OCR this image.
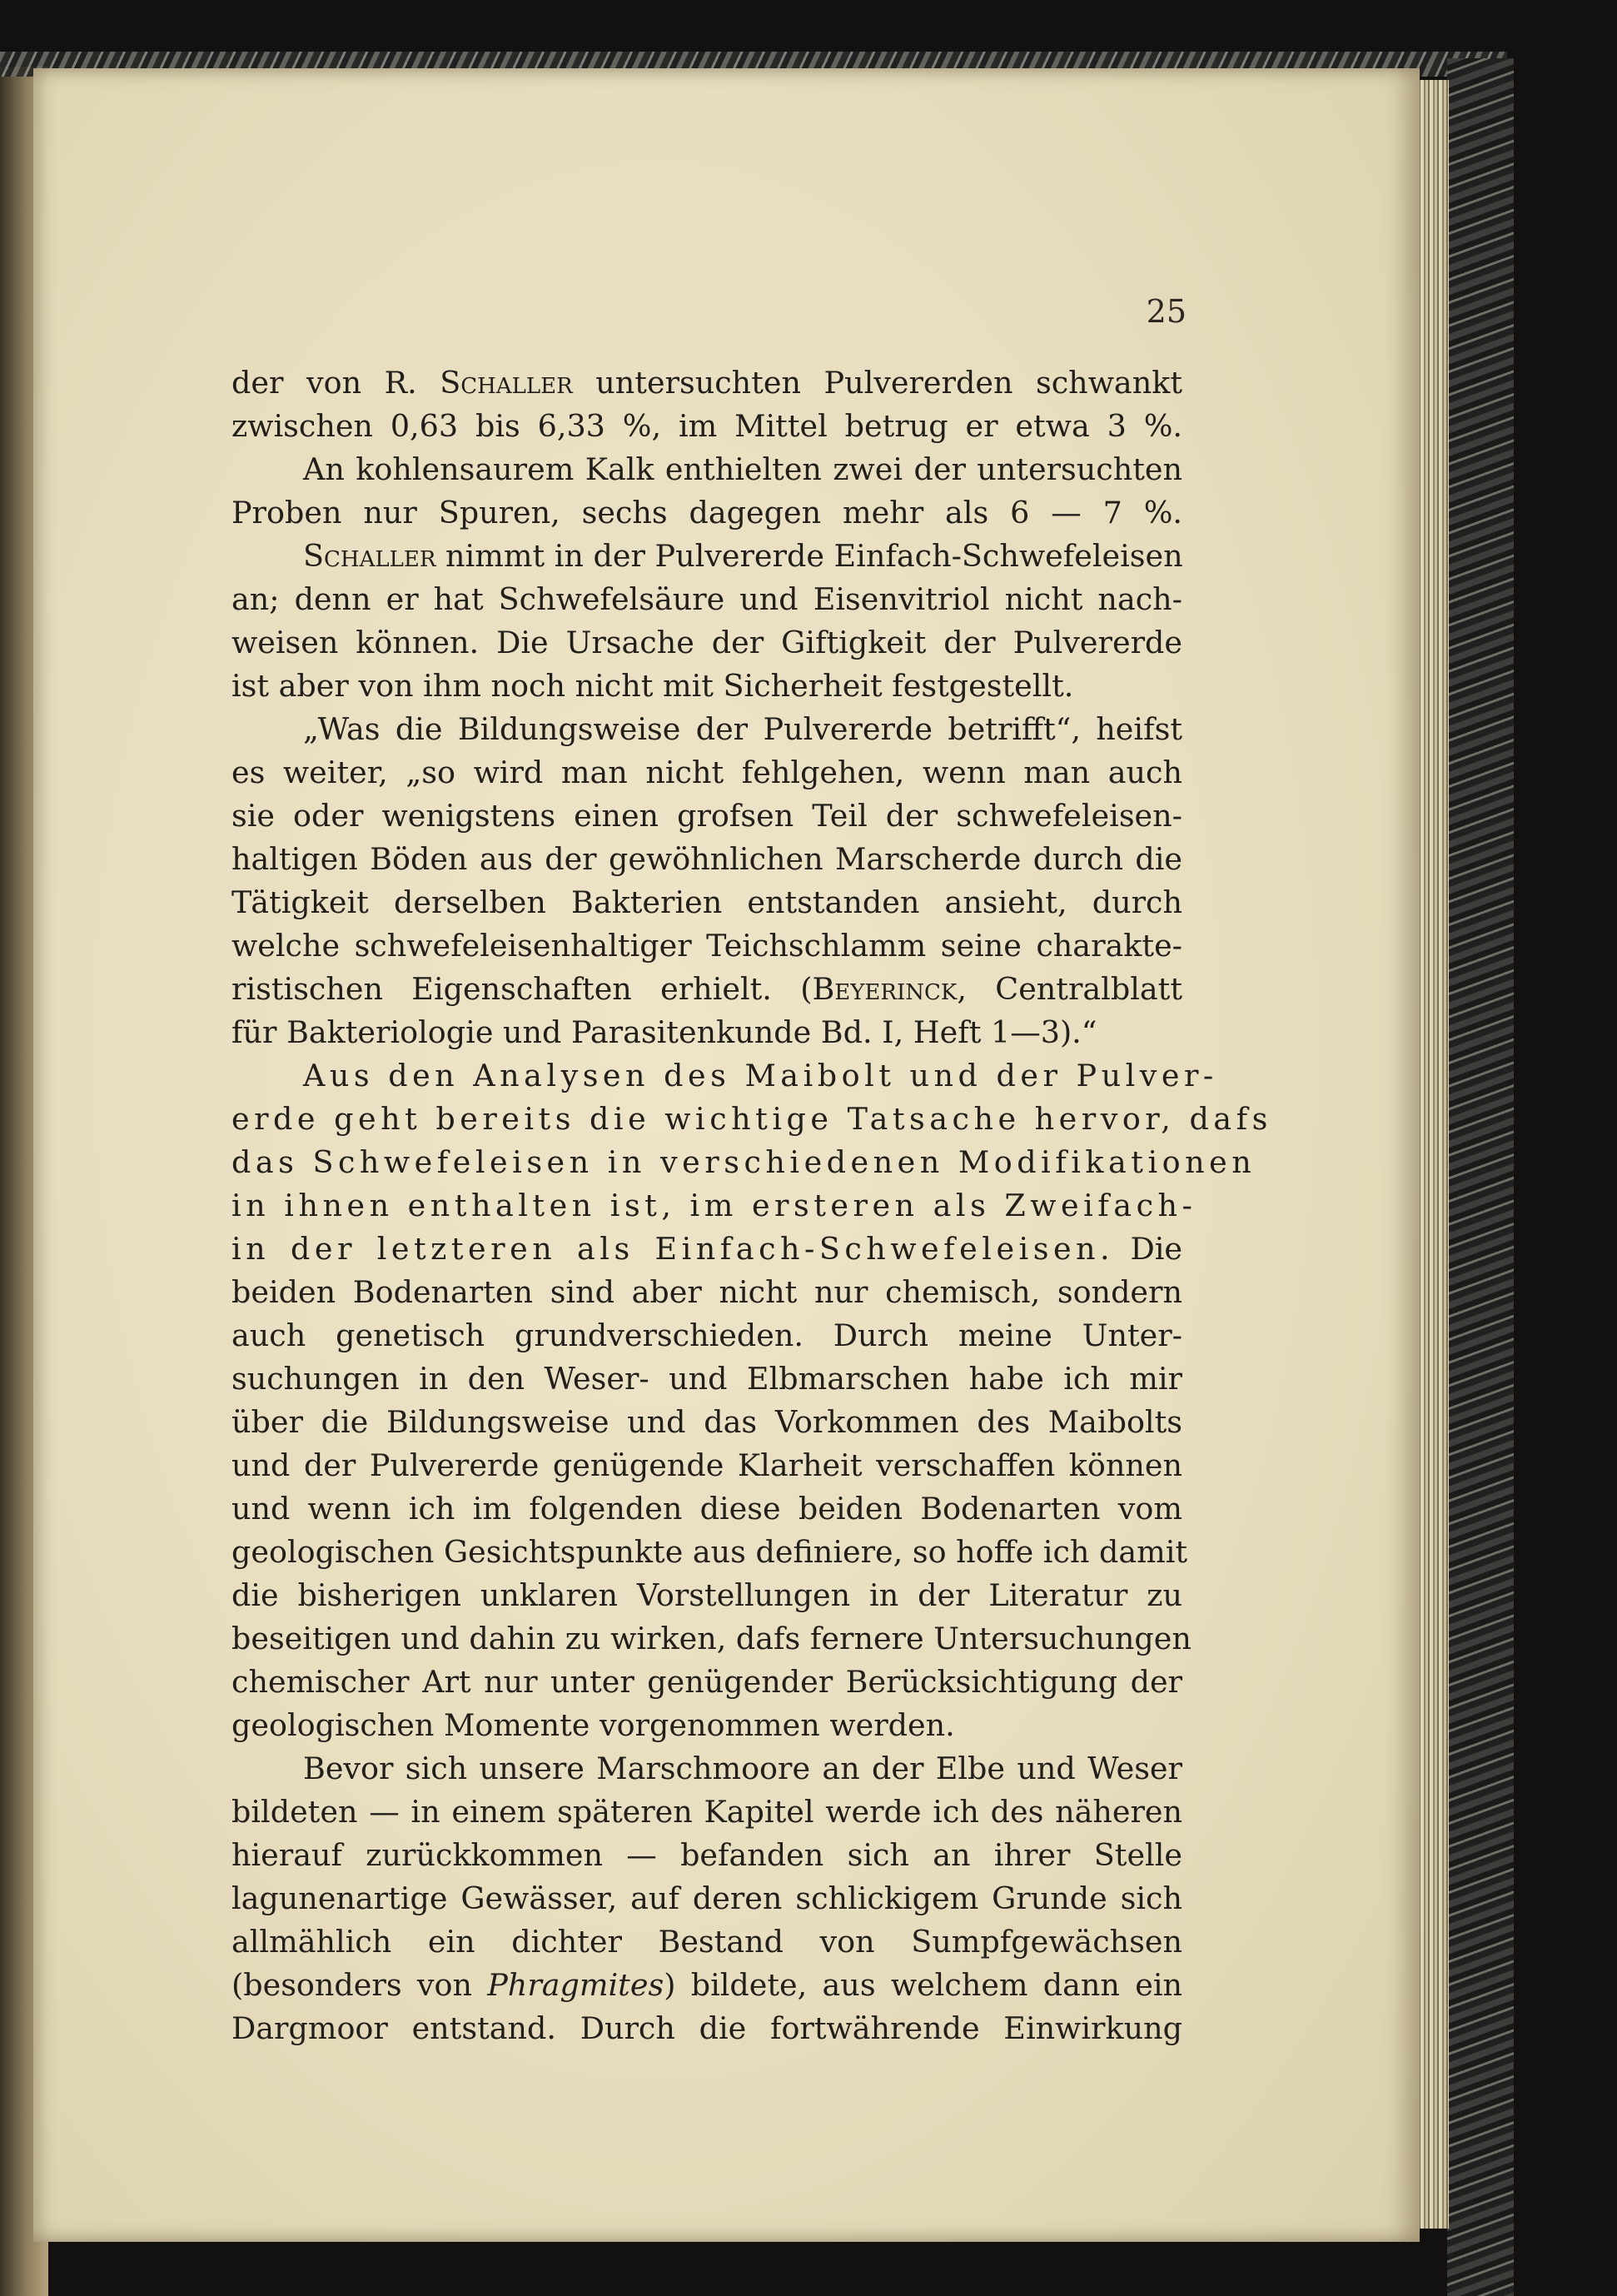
25
der von R. Schaller untersuchten Pulvererden schwankt
zwischen 0,63 bis 6,33 %, im Mittel betrug er etwa 3 %.
An kohlensaurem Kalk enthielten zwei der untersuchten
Proben nur Spuren, sechs dagegen mehr als 6 — 7 %.
Schaller nimmt in der Pulvererde Einfach-Schwefeleisen
an; denn er hat Schwefelsäure und Eisenvitriol nicht nach-
weisen können. Die Ursache der Giftigkeit der Pulvererde
ist aber von ihm noch nicht mit Sicherheit festgestellt.
„Was die Bildungsweise der Pulvererde betrifft“, heifst
es weiter, „so wird man nicht fehlgehen, wenn man auch
sie oder wenigstens einen grofsen Teil der schwefeleisen-
haltigen Böden aus der gewöhnlichen Marscherde durch die
Tätigkeit derselben Bakterien entstanden ansieht, durch
welche schwefeleisenhaltiger Teichschlamm seine charakte-
ristischen Eigenschaften erhielt. (Beyerinck, Centralblatt
für Bakteriologie und Parasitenkunde Bd. I, Heft 1—3).“
Aus den Analysen des Maibolt und der Pulver-
erde geht bereits die wichtige Tatsache hervor, dafs
das Schwefeleisen in verschiedenen Modifikationen
in ihnen enthalten ist, im ersteren als Zweifach-
in der letzteren als Einfach-Schwefeleisen. Die
beiden Bodenarten sind aber nicht nur chemisch, sondern
auch genetisch grundverschieden. Durch meine Unter-
suchungen in den Weser- und Elbmarschen habe ich mir
über die Bildungsweise und das Vorkommen des Maibolts
und der Pulvererde genügende Klarheit verschaffen können
und wenn ich im folgenden diese beiden Bodenarten vom
geologischen Gesichtspunkte aus definiere, so hoffe ich damit
die bisherigen unklaren Vorstellungen in der Literatur zu
beseitigen und dahin zu wirken, dafs fernere Untersuchungen
chemischer Art nur unter genügender Berücksichtigung der
geologischen Momente vorgenommen werden.
Bevor sich unsere Marschmoore an der Elbe und Weser
bildeten — in einem späteren Kapitel werde ich des näheren
hierauf zurückkommen — befanden sich an ihrer Stelle
lagunenartige Gewässer, auf deren schlickigem Grunde sich
allmählich ein dichter Bestand von Sumpfgewächsen
(besonders von Phragmites) bildete, aus welchem dann ein
Dargmoor entstand. Durch die fortwährende Einwirkung
